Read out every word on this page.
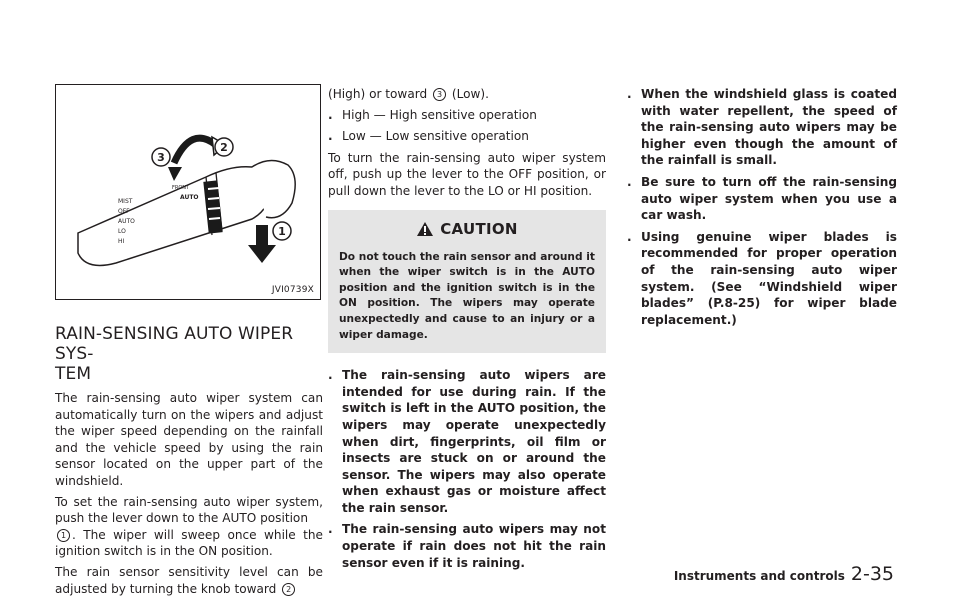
MIST
OFF
AUTO
LO
HI
FRONT
AUTO
3
2
1
JVI0739X
RAIN-SENSING AUTO WIPER SYS-
TEM

The rain-sensing auto wiper system can automatically turn on the wipers and adjust the wiper speed depending on the rainfall and the vehicle speed by using the rain sensor located on the upper part of the windshield.

To set the rain-sensing auto wiper system, push the lever down to the AUTO position
1 . The wiper will sweep once while the ignition switch is in the ON position.

The rain sensor sensitivity level can be adjusted by turning the knob toward 2

(High) or toward 3 (Low).

. High — High sensitive operation
. Low — Low sensitive operation

To turn the rain-sensing auto wiper system off, push up the lever to the OFF position, or pull down the lever to the LO or HI position.

CAUTION
Do not touch the rain sensor and around it when the wiper switch is in the AUTO position and the ignition switch is in the ON position. The wipers may operate unexpectedly and cause to an injury or a wiper damage.
. The rain-sensing auto wipers are intended for use during rain. If the switch is left in the AUTO position, the wipers may operate unexpectedly when dirt, fingerprints, oil film or insects are stuck on or around the sensor. The wipers may also operate when exhaust gas or moisture affect the rain sensor.
. The rain-sensing auto wipers may not operate if rain does not hit the rain sensor even if it is raining.
. When the windshield glass is coated with water repellent, the speed of the rain-sensing auto wipers may be higher even though the amount of the rainfall is small.
. Be sure to turn off the rain-sensing auto wiper system when you use a car wash.
. Using genuine wiper blades is recommended for proper operation of the rain-sensing auto wiper system. (See “Windshield wiper blades” (P.8-25) for wiper blade replacement.)
Instruments and controls 2-35
